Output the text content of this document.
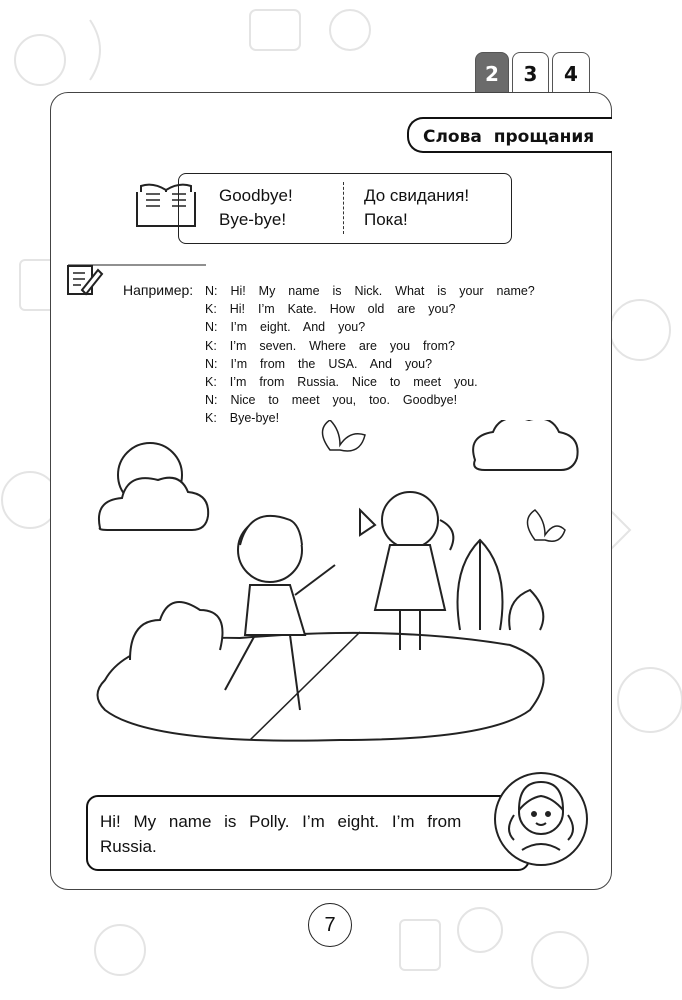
2	3	4
Слова прощания
Goodbye!
Bye-bye!
До свидания!
Пока!
Например: N:  Hi!  My  name  is  Nick.  What  is  your  name?
K:  Hi!  I’m  Kate.  How  old  are  you?
N:  I’m  eight.  And  you?
K:  I’m  seven.  Where  are  you  from?
N:  I’m  from  the  USA.  And  you?
K:  I’m  from  Russia.  Nice  to  meet  you.
N:  Nice  to  meet  you,  too.  Goodbye!
K:  Bye-bye!

Hi! My name is Polly. I’m eight. I’m from Russia.

7
